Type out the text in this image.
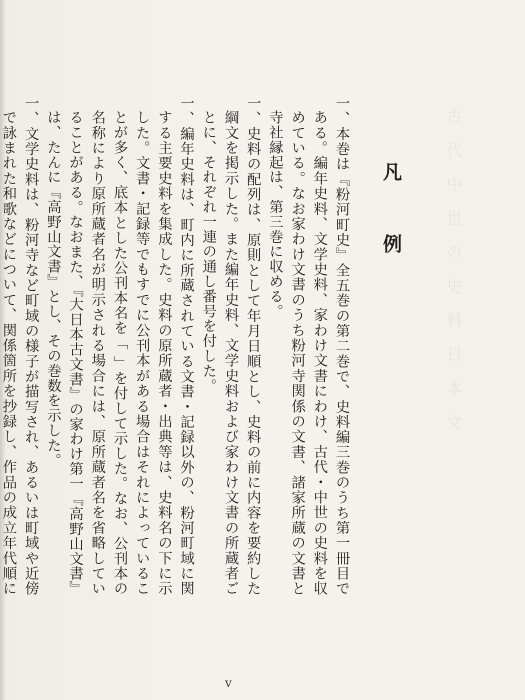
古　代　中　世　の　史　料　日　本　文
凡 例

一、本巻は『粉河町史』全五巻の第二巻で、史料編三巻のうち第一冊目である。編年史料、文学史料、家わけ文書にわけ、古代・中世の史料を収めている。なお家わけ文書のうち粉河寺関係の文書、諸家所蔵の文書と寺社縁起は、第三巻に収める。

一、史料の配列は、原則として年月日順とし、史料の前に内容を要約した綱文を掲示した。また編年史料、文学史料および家わけ文書の所蔵者ごとに、それぞれ一連の通し番号を付した。

一、編年史料は、町内に所蔵されている文書・記録以外の、粉河町域に関する主要史料を集成した。史料の原所蔵者・出典等は、史料名の下に示した。文書・記録等でもすでに公刊本がある場合はそれによっていることが多く、底本とした公刊本名を「 」を付して示した。なお、公刊本の名称により原所蔵者名が明示される場合には、原所蔵者名を省略していることがある。なおまた、『大日本古文書』の家わけ第一『高野山文書』は、たんに『高野山文書』とし、その巻数を示した。

一、文学史料は、粉河寺など町域の様子が描写され、あるいは町域や近傍で詠まれた和歌などについて、関係箇所を抄録し、作品の成立年代順に

v
